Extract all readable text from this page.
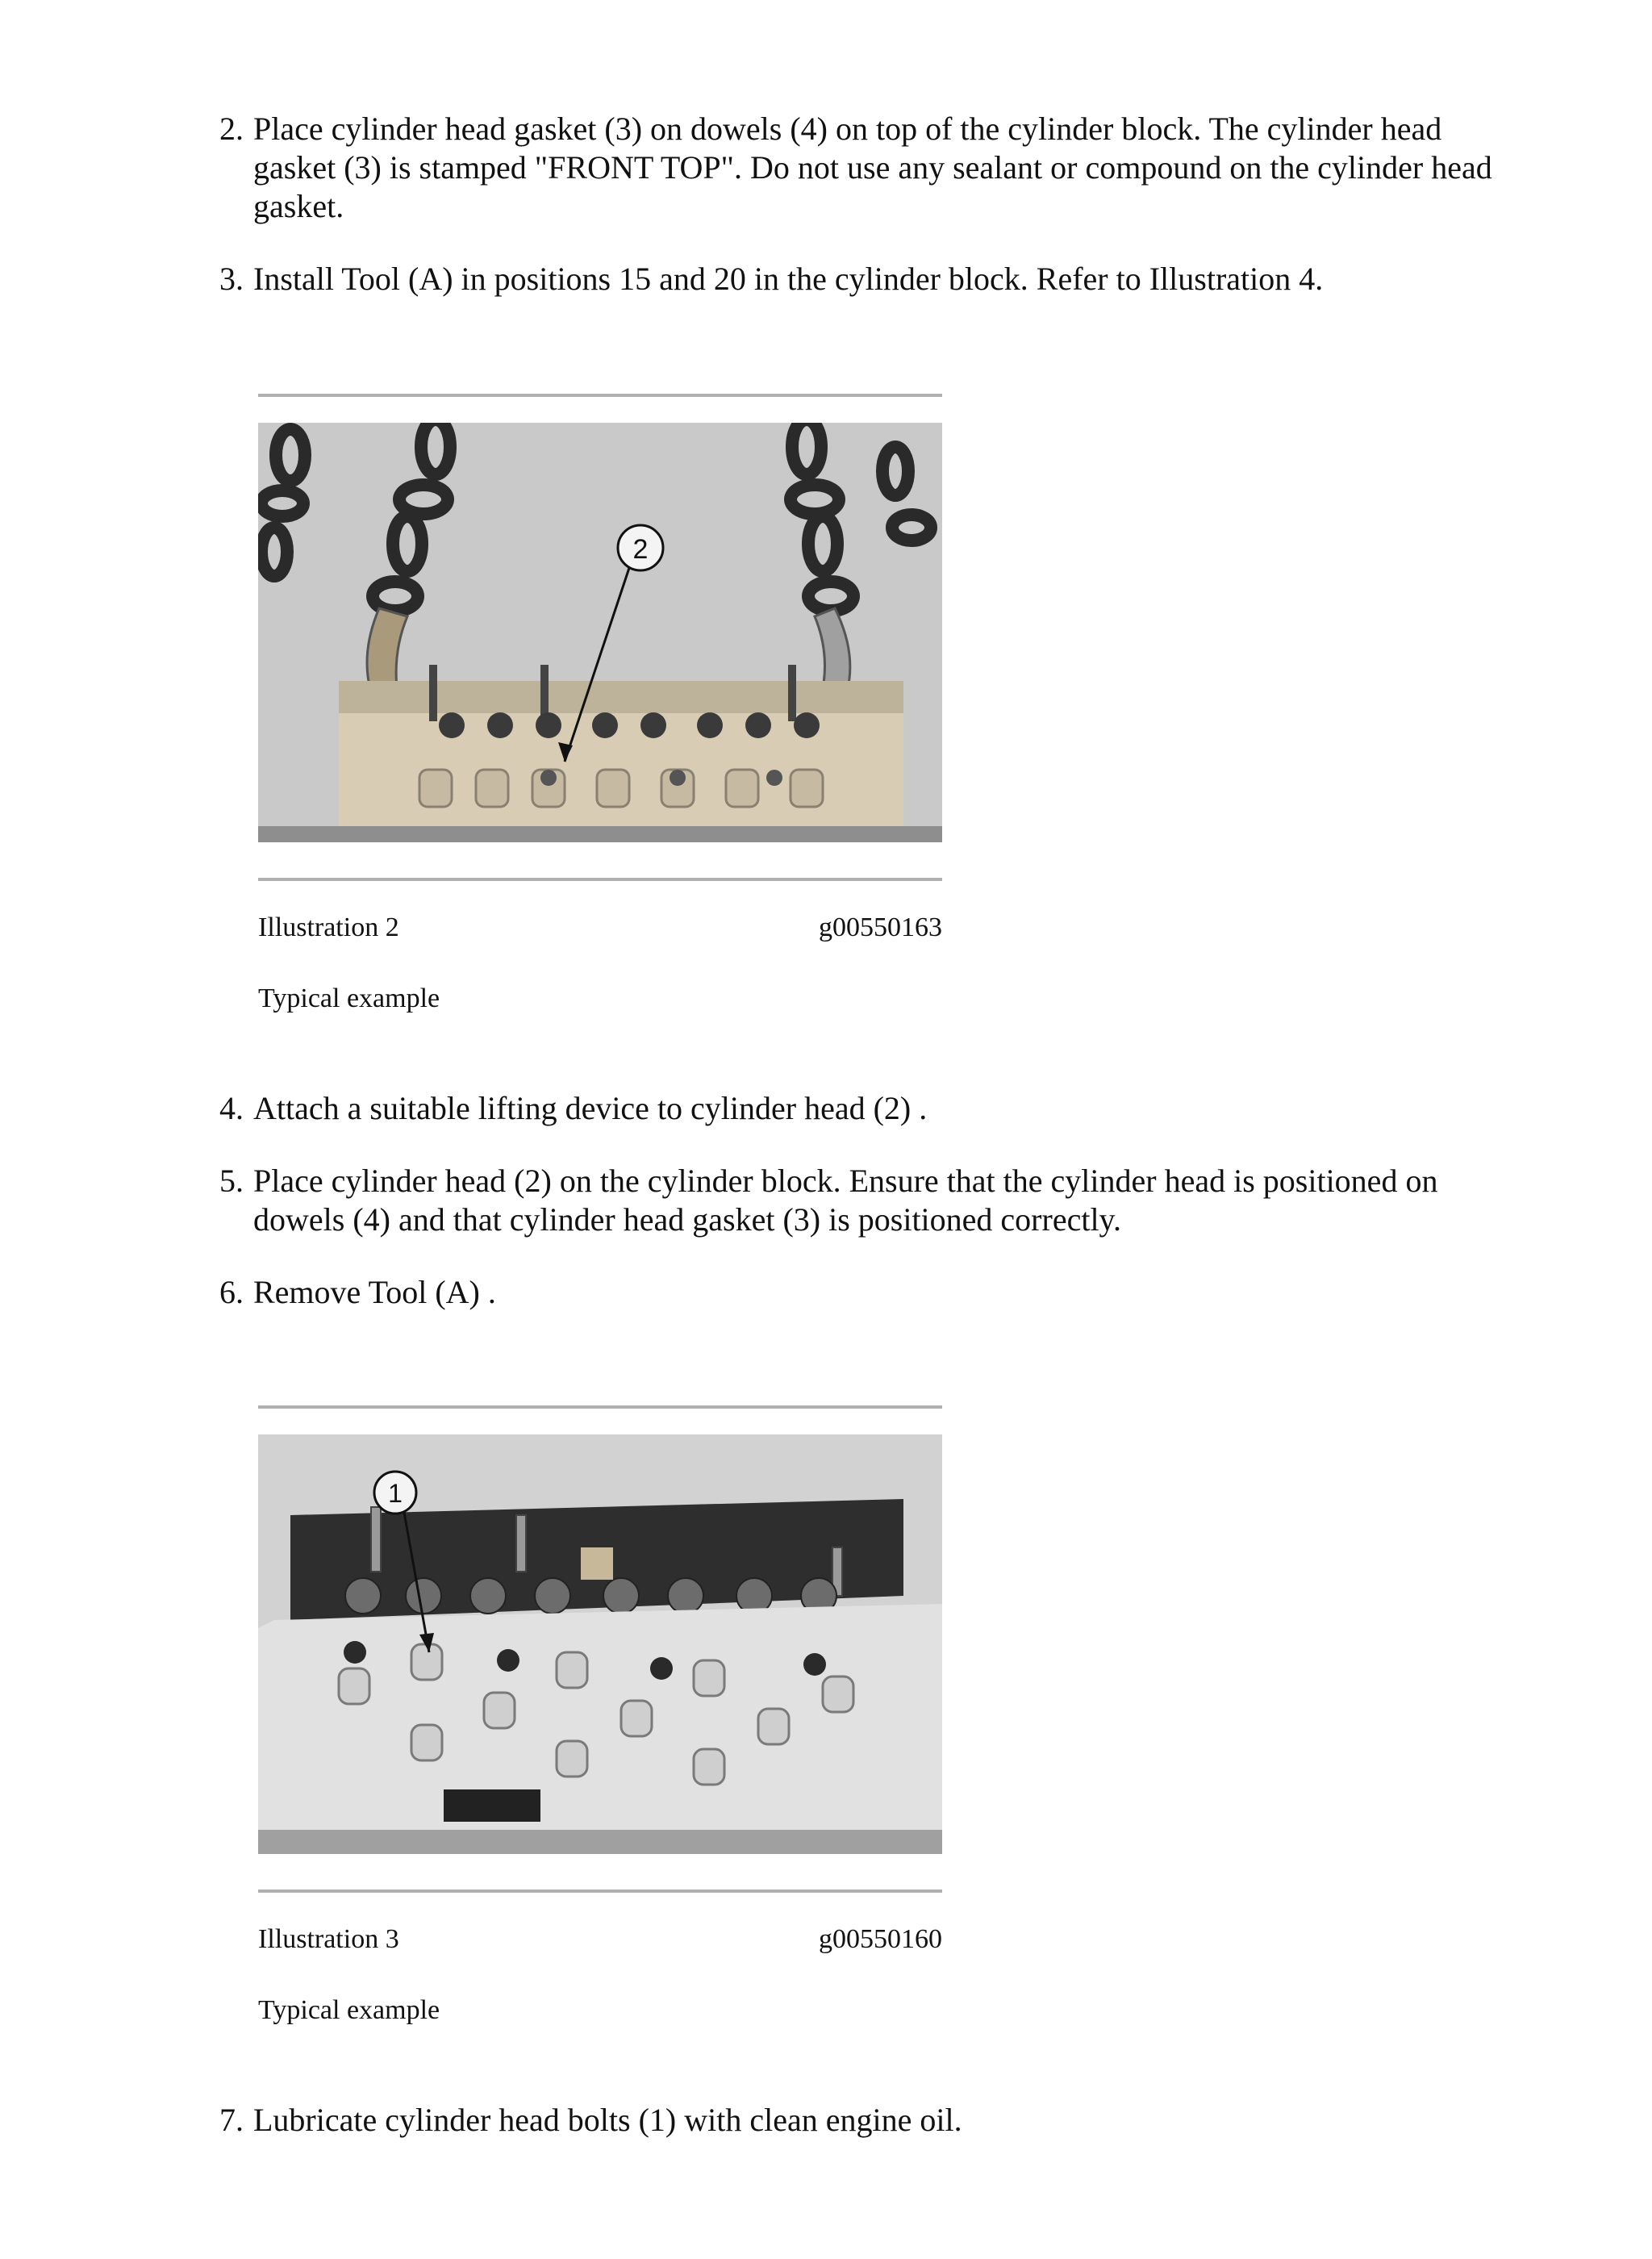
2. Place cylinder head gasket (3) on dowels (4) on top of the cylinder block. The cylinder head gasket (3) is stamped "FRONT TOP". Do not use any sealant or compound on the cylinder head gasket.
3. Install Tool (A) in positions 15 and 20 in the cylinder block. Refer to Illustration 4.
2
Illustration 2	g00550163
Typical example
4. Attach a suitable lifting device to cylinder head (2) .
5. Place cylinder head (2) on the cylinder block. Ensure that the cylinder head is positioned on dowels (4) and that cylinder head gasket (3) is positioned correctly.
6. Remove Tool (A) .
1
Illustration 3	g00550160
Typical example
7. Lubricate cylinder head bolts (1) with clean engine oil.
